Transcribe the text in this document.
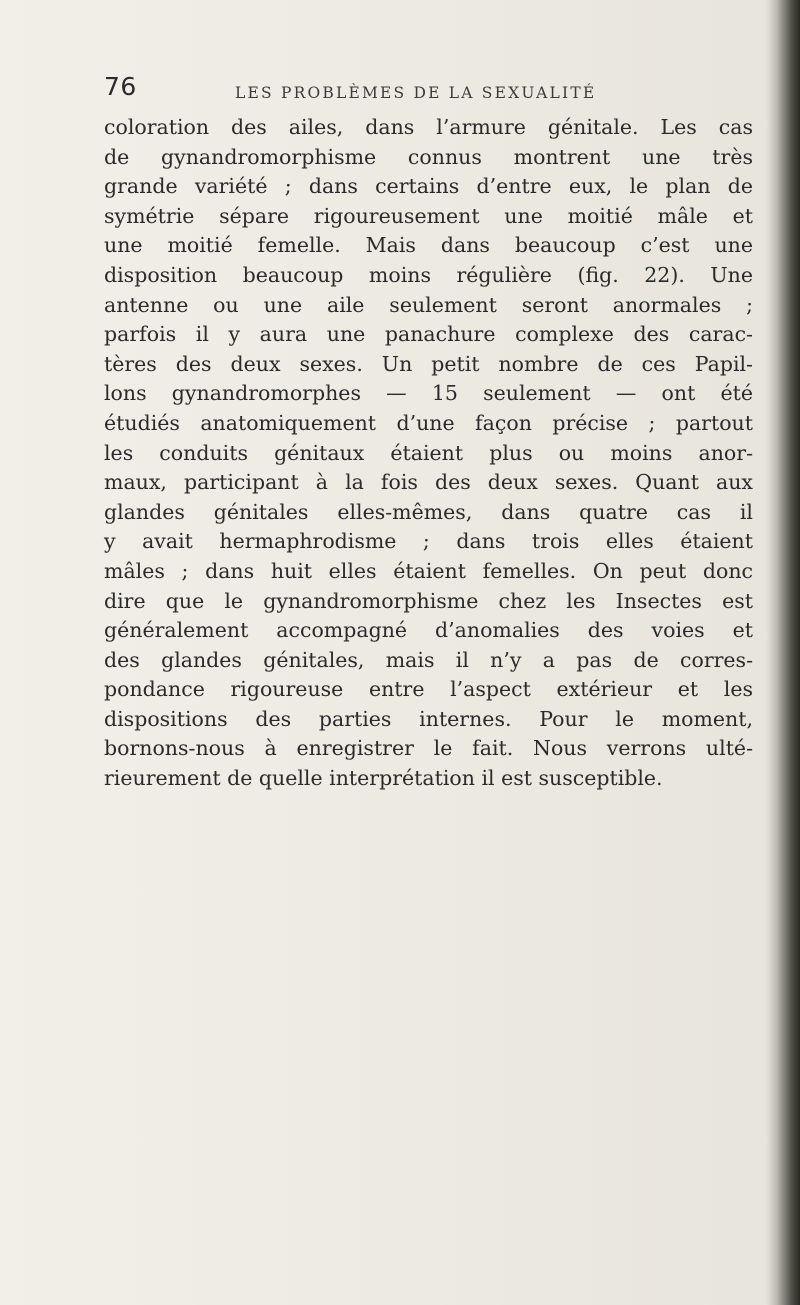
76	LES PROBLÈMES DE LA SEXUALITÉ
coloration des ailes, dans l’armure génitale. Les cas
de gynandromorphisme connus montrent une très
grande variété ; dans certains d’entre eux, le plan de
symétrie sépare rigoureusement une moitié mâle et
une moitié femelle. Mais dans beaucoup c’est une
disposition beaucoup moins régulière (fig. 22). Une
antenne ou une aile seulement seront anormales ;
parfois il y aura une panachure complexe des carac-
tères des deux sexes. Un petit nombre de ces Papil-
lons gynandromorphes — 15 seulement — ont été
étudiés anatomiquement d’une façon précise ; partout
les conduits génitaux étaient plus ou moins anor-
maux, participant à la fois des deux sexes. Quant aux
glandes génitales elles-mêmes, dans quatre cas il
y avait hermaphrodisme ; dans trois elles étaient
mâles ; dans huit elles étaient femelles. On peut donc
dire que le gynandromorphisme chez les Insectes est
généralement accompagné d’anomalies des voies et
des glandes génitales, mais il n’y a pas de corres-
pondance rigoureuse entre l’aspect extérieur et les
dispositions des parties internes. Pour le moment,
bornons-nous à enregistrer le fait. Nous verrons ulté-
rieurement de quelle interprétation il est susceptible.
